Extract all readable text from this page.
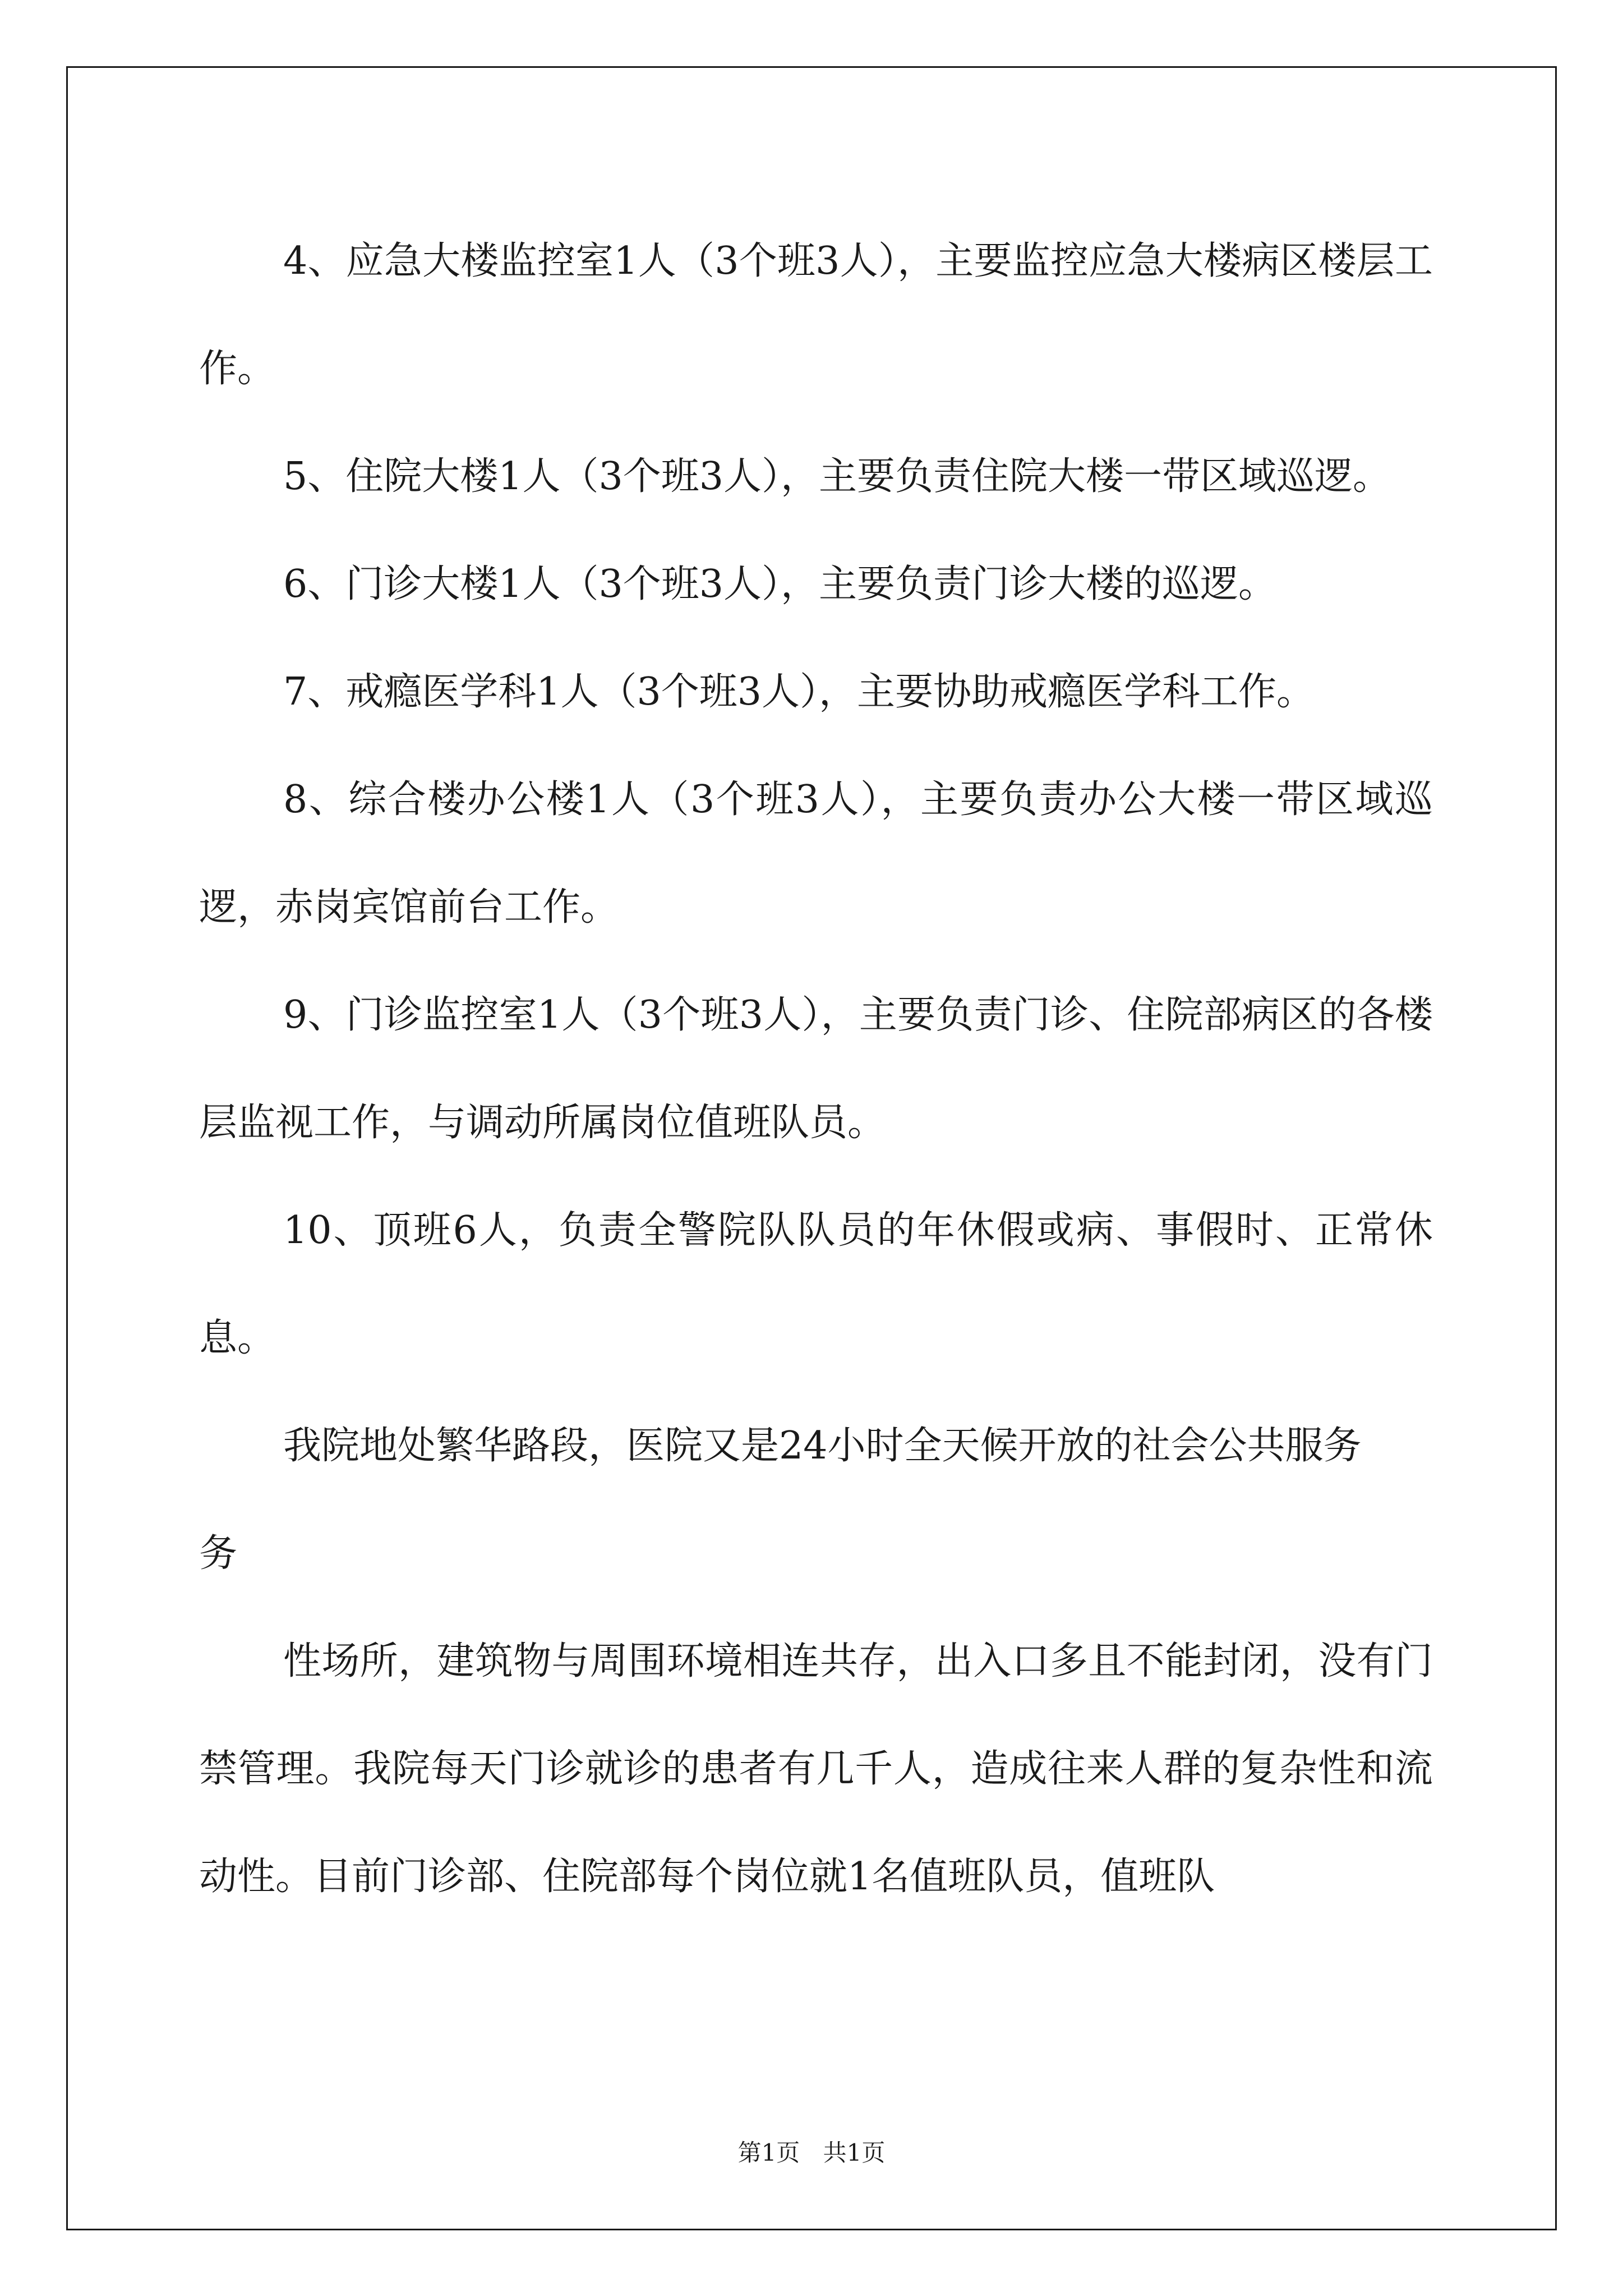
4、应急大楼监控室1人（3个班3人），主要监控应急大楼病区楼层工作。

5、住院大楼1人（3个班3人），主要负责住院大楼一带区域巡逻。

6、门诊大楼1人（3个班3人），主要负责门诊大楼的巡逻。

7、戒瘾医学科1人（3个班3人），主要协助戒瘾医学科工作。

8、综合楼办公楼1人（3个班3人），主要负责办公大楼一带区域巡逻，赤岗宾馆前台工作。

9、门诊监控室1人（3个班3人），主要负责门诊、住院部病区的各楼层监视工作，与调动所属岗位值班队员。

10、顶班6人，负责全警院队队员的年休假或病、事假时、正常休息。

我院地处繁华路段，医院又是24小时全天候开放的社会公共服务

务

性场所，建筑物与周围环境相连共存，出入口多且不能封闭，没有门禁管理。我院每天门诊就诊的患者有几千人，造成往来人群的复杂性和流动性。目前门诊部、住院部每个岗位就1名值班队员，值班队

第1页 共1页
